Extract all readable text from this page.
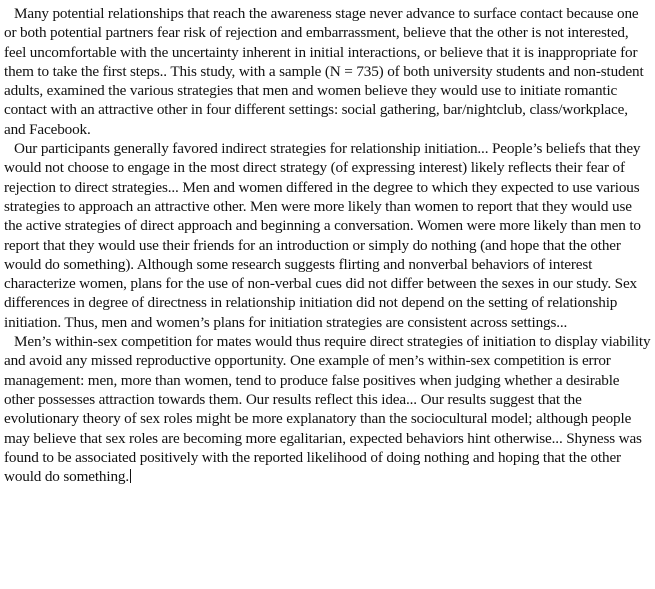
Many potential relationships that reach the awareness stage never advance to surface contact because one or both potential partners fear risk of rejection and embarrassment, believe that the other is not interested, feel uncomfortable with the uncertainty inherent in initial interactions, or believe that it is inappropriate for them to take the first steps.. This study, with a sample (N = 735) of both university students and non-student adults, examined the various strategies that men and women believe they would use to initiate romantic contact with an attractive other in four different settings: social gathering, bar/nightclub, class/workplace, and Facebook.

Our participants generally favored indirect strategies for relationship initiation... People’s beliefs that they would not choose to engage in the most direct strategy (of expressing interest) likely reflects their fear of rejection to direct strategies... Men and women differed in the degree to which they expected to use various strategies to approach an attractive other. Men were more likely than women to report that they would use the active strategies of direct approach and beginning a conversation. Women were more likely than men to report that they would use their friends for an introduction or simply do nothing (and hope that the other would do something). Although some research suggests flirting and nonverbal behaviors of interest characterize women, plans for the use of non-verbal cues did not differ between the sexes in our study. Sex differences in degree of directness in relationship initiation did not depend on the setting of relationship initiation. Thus, men and women’s plans for initiation strategies are consistent across settings...

Men’s within-sex competition for mates would thus require direct strategies of initiation to display viability and avoid any missed reproductive opportunity. One example of men’s within-sex competition is error management: men, more than women, tend to produce false positives when judging whether a desirable other possesses attraction towards them. Our results reflect this idea... Our results suggest that the evolutionary theory of sex roles might be more explanatory than the sociocultural model; although people may believe that sex roles are becoming more egalitarian, expected behaviors hint otherwise... Shyness was found to be associated positively with the reported likelihood of doing nothing and hoping that the other would do something.
